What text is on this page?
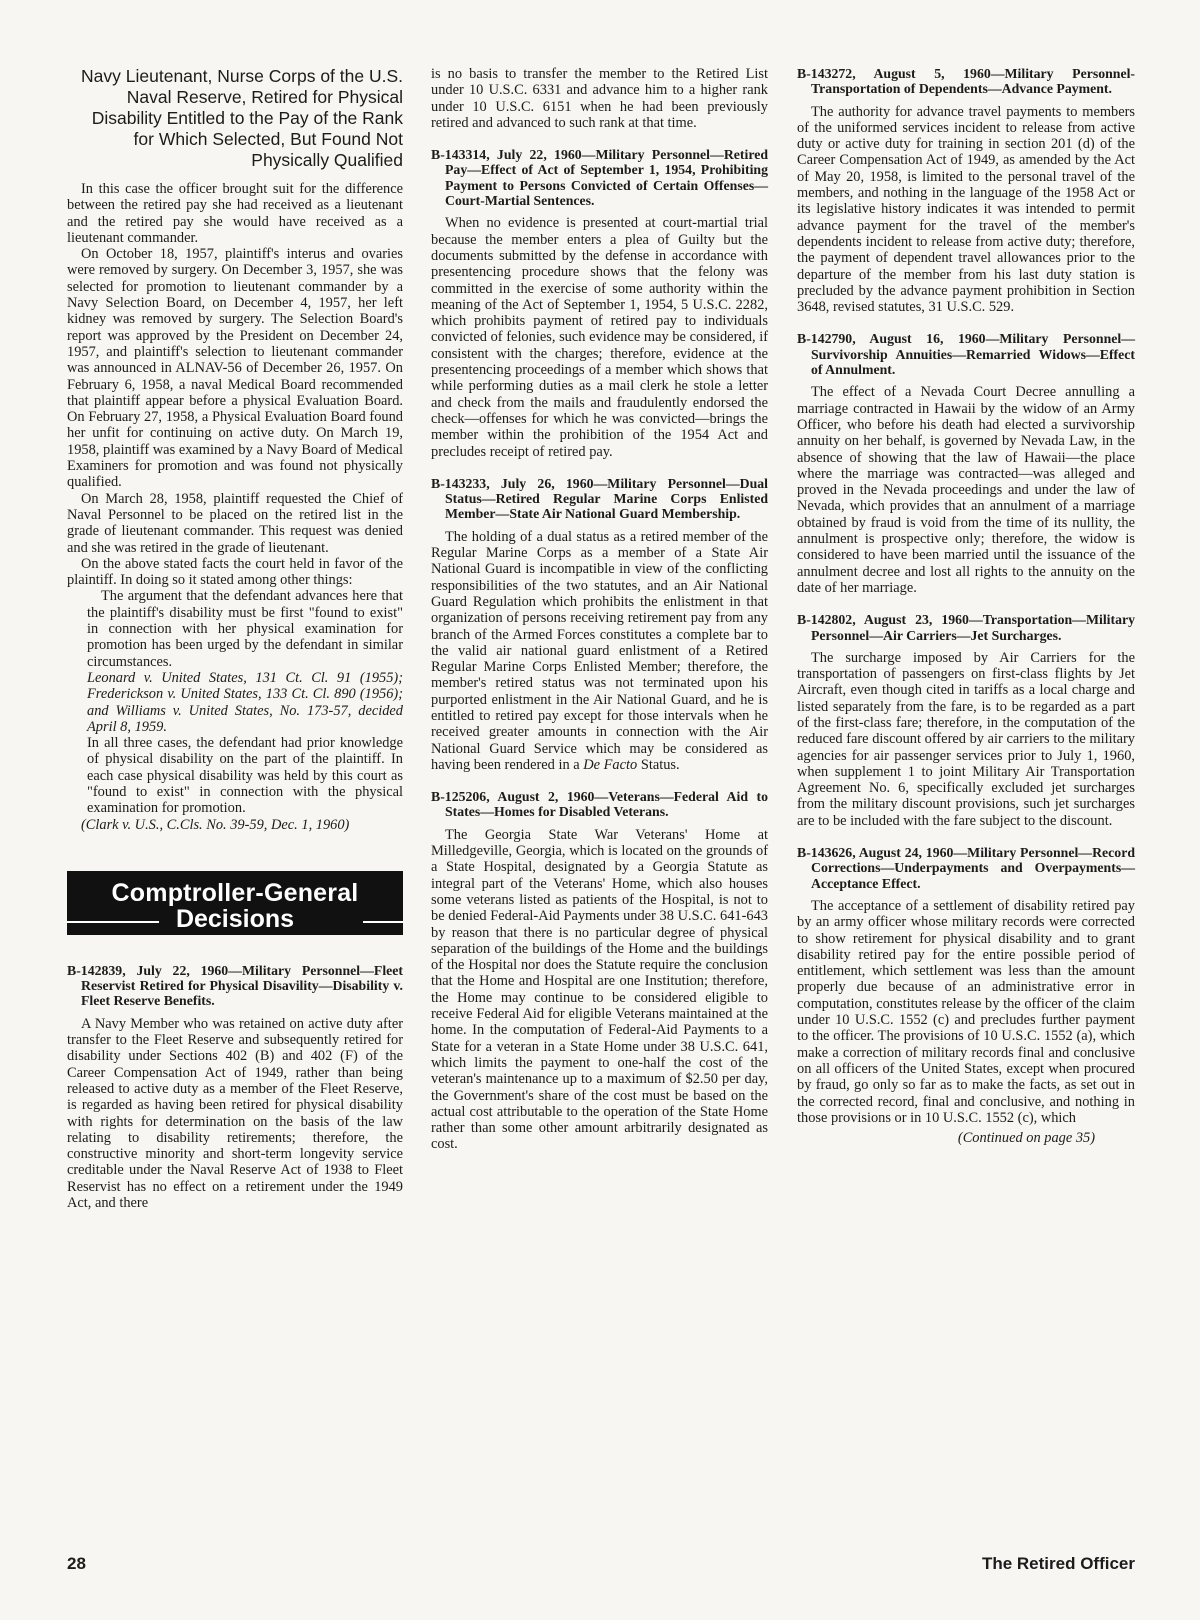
Navy Lieutenant, Nurse Corps of the U.S. Naval Reserve, Retired for Physical Disability Entitled to the Pay of the Rank for Which Selected, But Found Not Physically Qualified

In this case the officer brought suit for the difference between the retired pay she had received as a lieutenant and the retired pay she would have received as a lieutenant commander.

On October 18, 1957, plaintiff's interus and ovaries were removed by surgery. On December 3, 1957, she was selected for promotion to lieutenant commander by a Navy Selection Board, on December 4, 1957, her left kidney was removed by surgery. The Selection Board's report was approved by the President on December 24, 1957, and plaintiff's selection to lieutenant commander was announced in ALNAV-56 of December 26, 1957. On February 6, 1958, a naval Medical Board recommended that plaintiff appear before a physical Evaluation Board. On February 27, 1958, a Physical Evaluation Board found her unfit for continuing on active duty. On March 19, 1958, plaintiff was examined by a Navy Board of Medical Examiners for promotion and was found not physically qualified.

On March 28, 1958, plaintiff requested the Chief of Naval Personnel to be placed on the retired list in the grade of lieutenant commander. This request was denied and she was retired in the grade of lieutenant.

On the above stated facts the court held in favor of the plaintiff. In doing so it stated among other things:

The argument that the defendant advances here that the plaintiff's disability must be first "found to exist" in connection with her physical examination for promotion has been urged by the defendant in similar circumstances.

Leonard v. United States, 131 Ct. Cl. 91 (1955); Frederickson v. United States, 133 Ct. Cl. 890 (1956); and Williams v. United States, No. 173-57, decided April 8, 1959.

In all three cases, the defendant had prior knowledge of physical disability on the part of the plaintiff. In each case physical disability was held by this court as "found to exist" in connection with the physical examination for promotion.

(Clark v. U.S., C.Cls. No. 39-59, Dec. 1, 1960)

Comptroller-General
Decisions

B-142839, July 22, 1960—Military Personnel—Fleet Reservist Retired for Physical Disavility—Disability v. Fleet Reserve Benefits.

A Navy Member who was retained on active duty after transfer to the Fleet Reserve and subsequently retired for disability under Sections 402 (B) and 402 (F) of the Career Compensation Act of 1949, rather than being released to active duty as a member of the Fleet Reserve, is regarded as having been retired for physical disability with rights for determination on the basis of the law relating to disability retirements; therefore, the constructive minority and short-term longevity service creditable under the Naval Reserve Act of 1938 to Fleet Reservist has no effect on a retirement under the 1949 Act, and there

is no basis to transfer the member to the Retired List under 10 U.S.C. 6331 and advance him to a higher rank under 10 U.S.C. 6151 when he had been previously retired and advanced to such rank at that time.

B-143314, July 22, 1960—Military Personnel—Retired Pay—Effect of Act of September 1, 1954, Prohibiting Payment to Persons Convicted of Certain Offenses—Court-Martial Sentences.

When no evidence is presented at court-martial trial because the member enters a plea of Guilty but the documents submitted by the defense in accordance with presentencing procedure shows that the felony was committed in the exercise of some authority within the meaning of the Act of September 1, 1954, 5 U.S.C. 2282, which prohibits payment of retired pay to individuals convicted of felonies, such evidence may be considered, if consistent with the charges; therefore, evidence at the presentencing proceedings of a member which shows that while performing duties as a mail clerk he stole a letter and check from the mails and fraudulently endorsed the check—offenses for which he was convicted—brings the member within the prohibition of the 1954 Act and precludes receipt of retired pay.

B-143233, July 26, 1960—Military Personnel—Dual Status—Retired Regular Marine Corps Enlisted Member—State Air National Guard Membership.

The holding of a dual status as a retired member of the Regular Marine Corps as a member of a State Air National Guard is incompatible in view of the conflicting responsibilities of the two statutes, and an Air National Guard Regulation which prohibits the enlistment in that organization of persons receiving retirement pay from any branch of the Armed Forces constitutes a complete bar to the valid air national guard enlistment of a Retired Regular Marine Corps Enlisted Member; therefore, the member's retired status was not terminated upon his purported enlistment in the Air National Guard, and he is entitled to retired pay except for those intervals when he received greater amounts in connection with the Air National Guard Service which may be considered as having been rendered in a De Facto Status.

B-125206, August 2, 1960—Veterans—Federal Aid to States—Homes for Disabled Veterans.

The Georgia State War Veterans' Home at Milledgeville, Georgia, which is located on the grounds of a State Hospital, designated by a Georgia Statute as integral part of the Veterans' Home, which also houses some veterans listed as patients of the Hospital, is not to be denied Federal-Aid Payments under 38 U.S.C. 641-643 by reason that there is no particular degree of physical separation of the buildings of the Home and the buildings of the Hospital nor does the Statute require the conclusion that the Home and Hospital are one Institution; therefore, the Home may continue to be considered eligible to receive Federal Aid for eligible Veterans maintained at the home. In the computation of Federal-Aid Payments to a State for a veteran in a State Home under 38 U.S.C. 641, which limits the payment to one-half the cost of the veteran's maintenance up to a maximum of $2.50 per day, the Government's share of the cost must be based on the actual cost attributable to the operation of the State Home rather than some other amount arbitrarily designated as cost.

B-143272, August 5, 1960—Military Personnel-Transportation of Dependents—Advance Payment.

The authority for advance travel payments to members of the uniformed services incident to release from active duty or active duty for training in section 201 (d) of the Career Compensation Act of 1949, as amended by the Act of May 20, 1958, is limited to the personal travel of the members, and nothing in the language of the 1958 Act or its legislative history indicates it was intended to permit advance payment for the travel of the member's dependents incident to release from active duty; therefore, the payment of dependent travel allowances prior to the departure of the member from his last duty station is precluded by the advance payment prohibition in Section 3648, revised statutes, 31 U.S.C. 529.

B-142790, August 16, 1960—Military Personnel—Survivorship Annuities—Remarried Widows—Effect of Annulment.

The effect of a Nevada Court Decree annulling a marriage contracted in Hawaii by the widow of an Army Officer, who before his death had elected a survivorship annuity on her behalf, is governed by Nevada Law, in the absence of showing that the law of Hawaii—the place where the marriage was contracted—was alleged and proved in the Nevada proceedings and under the law of Nevada, which provides that an annulment of a marriage obtained by fraud is void from the time of its nullity, the annulment is prospective only; therefore, the widow is considered to have been married until the issuance of the annulment decree and lost all rights to the annuity on the date of her marriage.

B-142802, August 23, 1960—Transportation—Military Personnel—Air Carriers—Jet Surcharges.

The surcharge imposed by Air Carriers for the transportation of passengers on first-class flights by Jet Aircraft, even though cited in tariffs as a local charge and listed separately from the fare, is to be regarded as a part of the first-class fare; therefore, in the computation of the reduced fare discount offered by air carriers to the military agencies for air passenger services prior to July 1, 1960, when supplement 1 to joint Military Air Transportation Agreement No. 6, specifically excluded jet surcharges from the military discount provisions, such jet surcharges are to be included with the fare subject to the discount.

B-143626, August 24, 1960—Military Personnel—Record Corrections—Underpayments and Overpayments—Acceptance Effect.

The acceptance of a settlement of disability retired pay by an army officer whose military records were corrected to show retirement for physical disability and to grant disability retired pay for the entire possible period of entitlement, which settlement was less than the amount properly due because of an administrative error in computation, constitutes release by the officer of the claim under 10 U.S.C. 1552 (c) and precludes further payment to the officer. The provisions of 10 U.S.C. 1552 (a), which make a correction of military records final and conclusive on all officers of the United States, except when procured by fraud, go only so far as to make the facts, as set out in the corrected record, final and conclusive, and nothing in those provisions or in 10 U.S.C. 1552 (c), which

(Continued on page 35)
28	The Retired Officer
